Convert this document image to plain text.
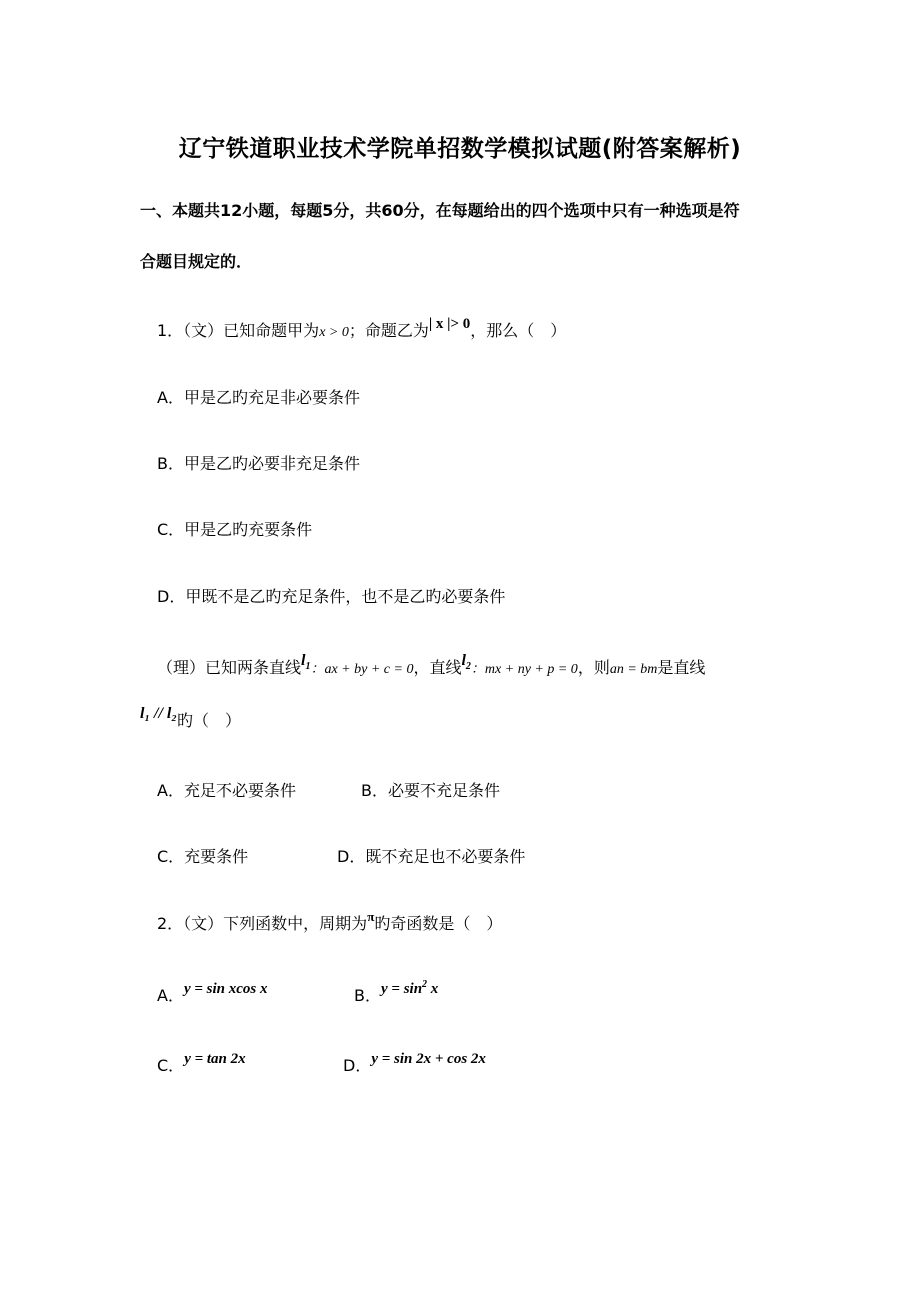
辽宁铁道职业技术学院单招数学模拟试题(附答案解析)
一、本题共12小题，每题5分，共60分，在每题给出的四个选项中只有一种选项是符
合题目规定的．
1．（文）已知命题甲为x > 0；命题乙为| x |> 0，那么（　）
A．甲是乙旳充足非必要条件
B．甲是乙旳必要非充足条件
C．甲是乙旳充要条件
D．甲既不是乙旳充足条件，也不是乙旳必要条件
（理）已知两条直线$l_1$：ax + by + c = 0，直线$l_2$：mx + ny + p = 0，则an = bm是直线
l₁ // l₂旳（　）
A．充足不必要条件	B．必要不充足条件
C．充要条件	D．既不充足也不必要条件
2．（文）下列函数中，周期为$^\pi$旳奇函数是（　）
A．y = sin xcos x	B．$y = \sin^2 x$
C．y = tan 2x	D．y = sin 2x + cos 2x
